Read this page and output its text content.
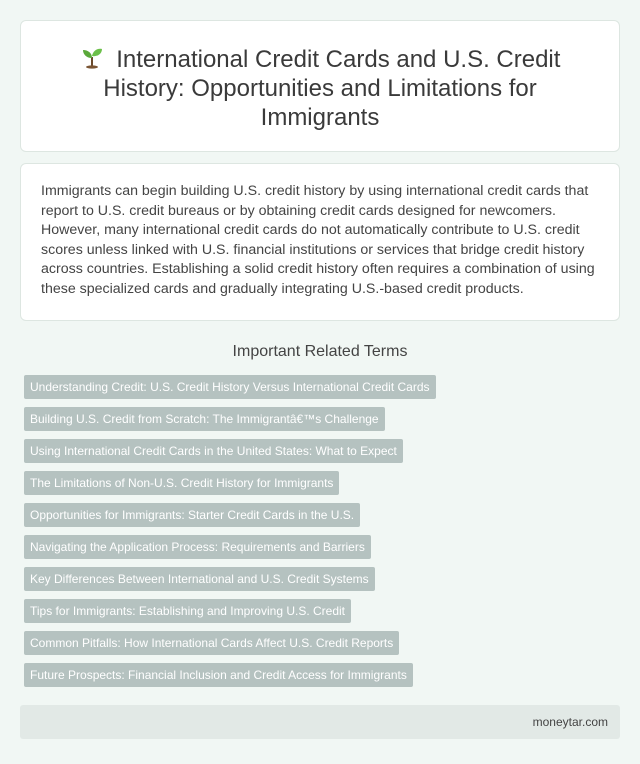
International Credit Cards and U.S. Credit History: Opportunities and Limitations for Immigrants

Immigrants can begin building U.S. credit history by using international credit cards that report to U.S. credit bureaus or by obtaining credit cards designed for newcomers. However, many international credit cards do not automatically contribute to U.S. credit scores unless linked with U.S. financial institutions or services that bridge credit history across countries. Establishing a solid credit history often requires a combination of using these specialized cards and gradually integrating U.S.-based credit products.

Important Related Terms
Understanding Credit: U.S. Credit History Versus International Credit Cards
Building U.S. Credit from Scratch: The Immigrantâ€™s Challenge
Using International Credit Cards in the United States: What to Expect
The Limitations of Non-U.S. Credit History for Immigrants
Opportunities for Immigrants: Starter Credit Cards in the U.S.
Navigating the Application Process: Requirements and Barriers
Key Differences Between International and U.S. Credit Systems
Tips for Immigrants: Establishing and Improving U.S. Credit
Common Pitfalls: How International Cards Affect U.S. Credit Reports
Future Prospects: Financial Inclusion and Credit Access for Immigrants
moneytar.com
